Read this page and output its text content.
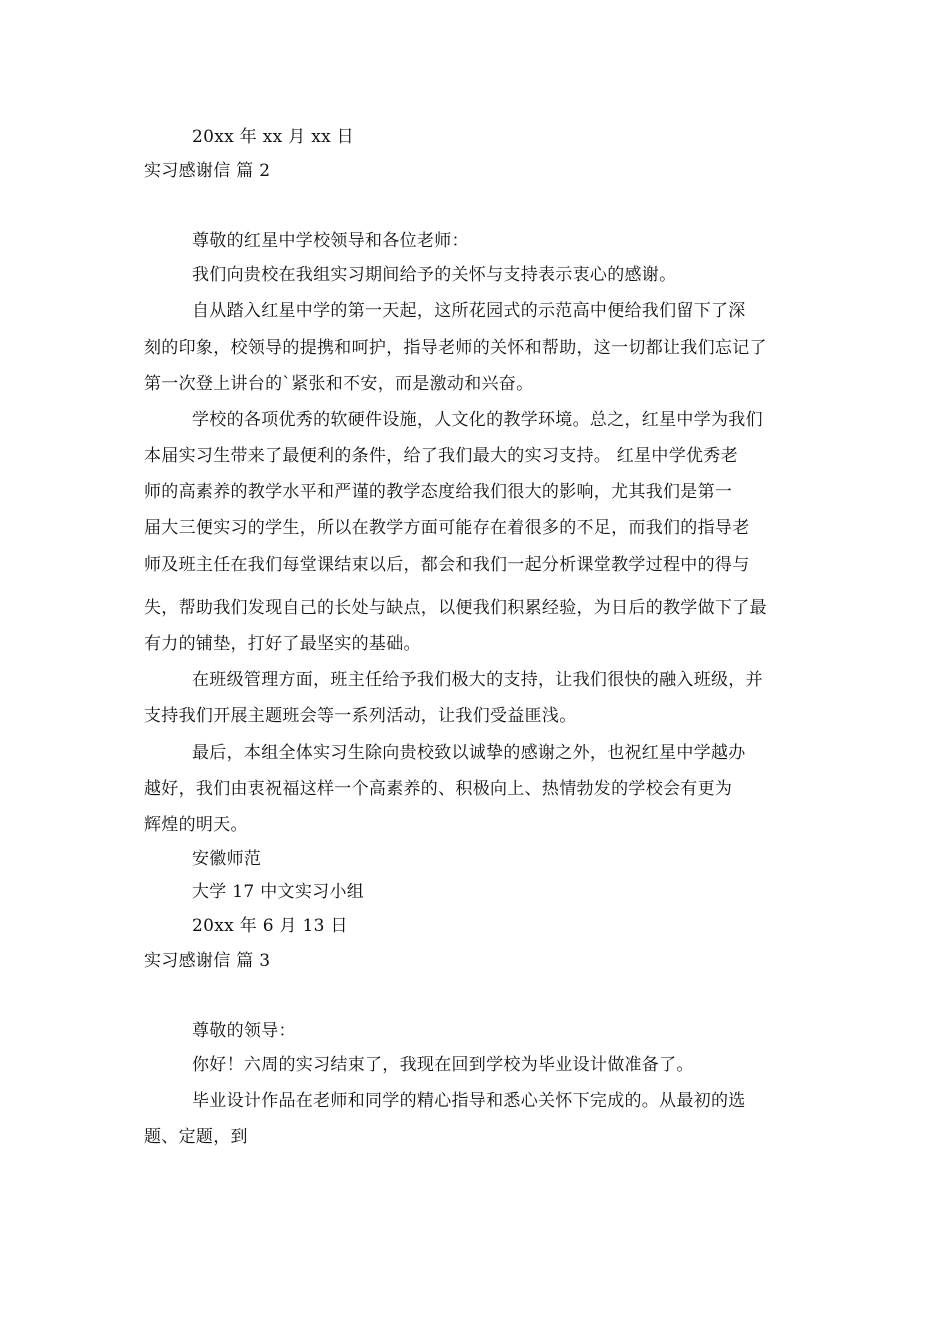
20xx 年 xx 月 xx 日
实习感谢信 篇 2
尊敬的红星中学校领导和各位老师：
我们向贵校在我组实习期间给予的关怀与支持表示衷心的感谢。
自从踏入红星中学的第一天起，这所花园式的示范高中便给我们留下了深
刻的印象，校领导的提携和呵护，指导老师的关怀和帮助，这一切都让我们忘记了
第一次登上讲台的`紧张和不安，而是激动和兴奋。
学校的各项优秀的软硬件设施，人文化的教学环境。总之，红星中学为我们
本届实习生带来了最便利的条件，给了我们最大的实习支持。 红星中学优秀老
师的高素养的教学水平和严谨的教学态度给我们很大的影响，尤其我们是第一
届大三便实习的学生，所以在教学方面可能存在着很多的不足，而我们的指导老
师及班主任在我们每堂课结束以后，都会和我们一起分析课堂教学过程中的得与
失，帮助我们发现自己的长处与缺点，以便我们积累经验，为日后的教学做下了最
有力的铺垫，打好了最坚实的基础。
在班级管理方面，班主任给予我们极大的支持，让我们很快的融入班级，并
支持我们开展主题班会等一系列活动，让我们受益匪浅。
最后，本组全体实习生除向贵校致以诚挚的感谢之外，也祝红星中学越办
越好，我们由衷祝福这样一个高素养的、积极向上、热情勃发的学校会有更为
辉煌的明天。
安徽师范
大学 17 中文实习小组
20xx 年 6 月 13 日
实习感谢信 篇 3
尊敬的领导：
你好！六周的实习结束了，我现在回到学校为毕业设计做准备了。
毕业设计作品在老师和同学的精心指导和悉心关怀下完成的。从最初的选
题、定题，到
